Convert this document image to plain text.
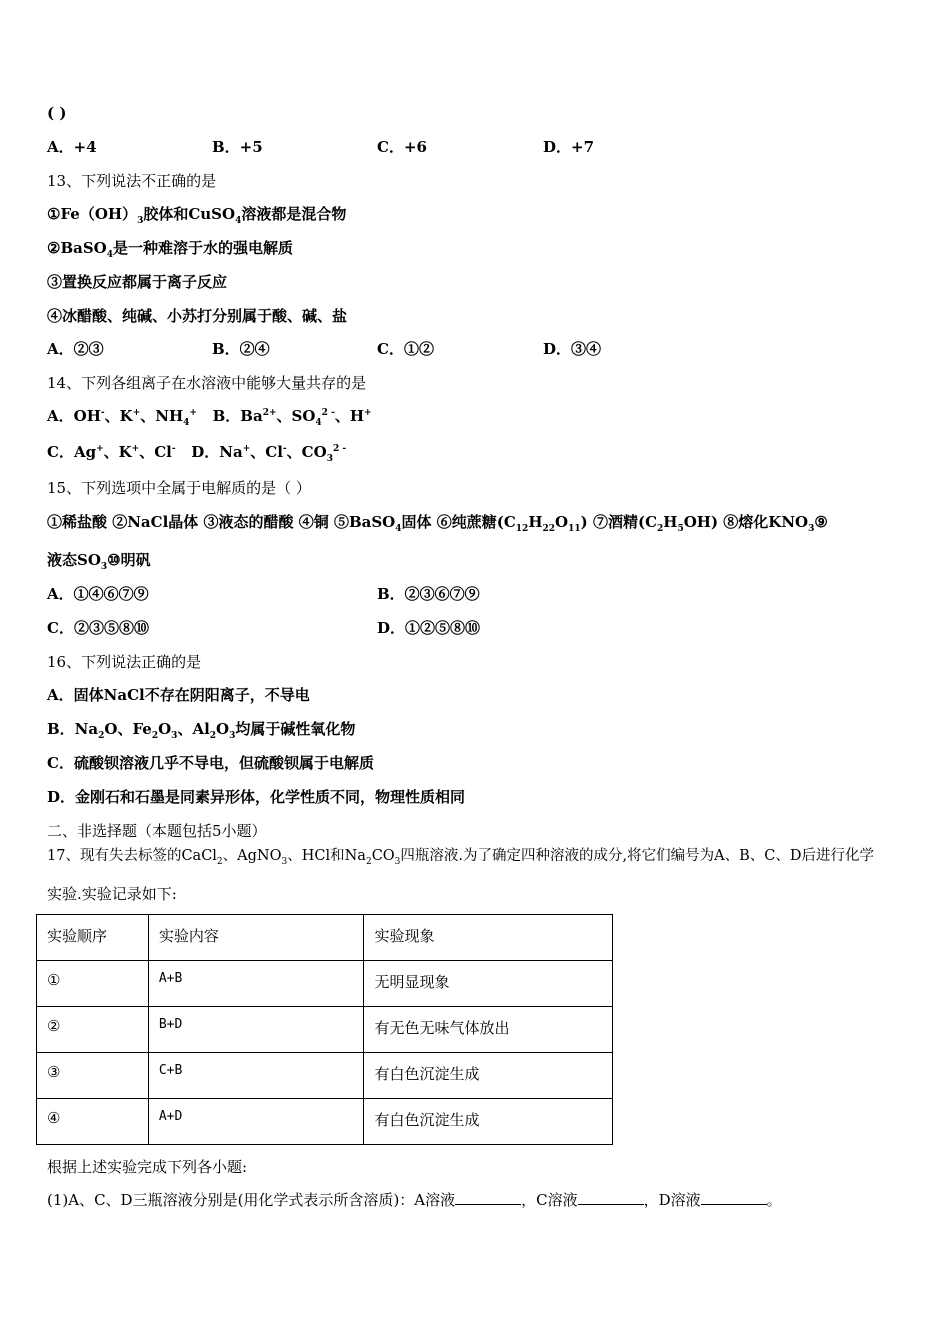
( )
A．+4	B．+5	C．+6	D．+7
13、下列说法不正确的是
$①Fe(OH)_3$胶体和CuSO$_4$溶液都是混合物
②BaSO$_4$是一种难溶于水的强电解质
③置换反应都属于离子反应
④冰醋酸、纯碱、小苏打分别属于酸、碱、盐
A．②③	B．②④	C．①②	D．③④
14、下列各组离子在水溶液中能够大量共存的是
A．OH-、K+、$NH_4^+$ B．$Ba^{2+}$、$SO_4^{2 -}$、H+
C．Ag+、K+、Cl- D．Na+、Cl-、$CO_3^{2 -}$
15、下列选项中全属于电解质的是（ ）
①稀盐酸 ②NaCl晶体 ③液态的醋酸 ④铜 ⑤BaSO$_4$固体 ⑥纯蔗糖$(C_{12}H_{22}O_{11})$ ⑦酒精$(C_2H_5OH)$ ⑧熔化$KNO_3⑨$
液态$SO_3⑩$明矾
A．①④⑥⑦⑨	B．②③⑥⑦⑨
C．②③⑤⑧⑩	D．①②⑤⑧⑩
16、下列说法正确的是
A．固体NaCl不存在阴阳离子，不导电
B．$Na_2O$、$Fe_2O_3$、$Al_2O_3$均属于碱性氧化物
C．硫酸钡溶液几乎不导电，但硫酸钡属于电解质
D．金刚石和石墨是同素异形体，化学性质不同，物理性质相同
二、非选择题（本题包括5小题）
17、现有失去标签的CaCl$_2$、AgNO$_3$、HCl和$Na_2CO_3$四瓶溶液.为了确定四种溶液的成分,将它们编号为A、B、C、D后进行化学
实验.实验记录如下:
实验顺序	实验内容	实验现象
①	A+B	无明显现象
②	B+D	有无色无味气体放出
③	C+B	有白色沉淀生成
④	A+D	有白色沉淀生成
根据上述实验完成下列各小题:
(1)A、C、D三瓶溶液分别是(用化学式表示所含溶质)：A溶液	，C溶液	，D溶液	。
